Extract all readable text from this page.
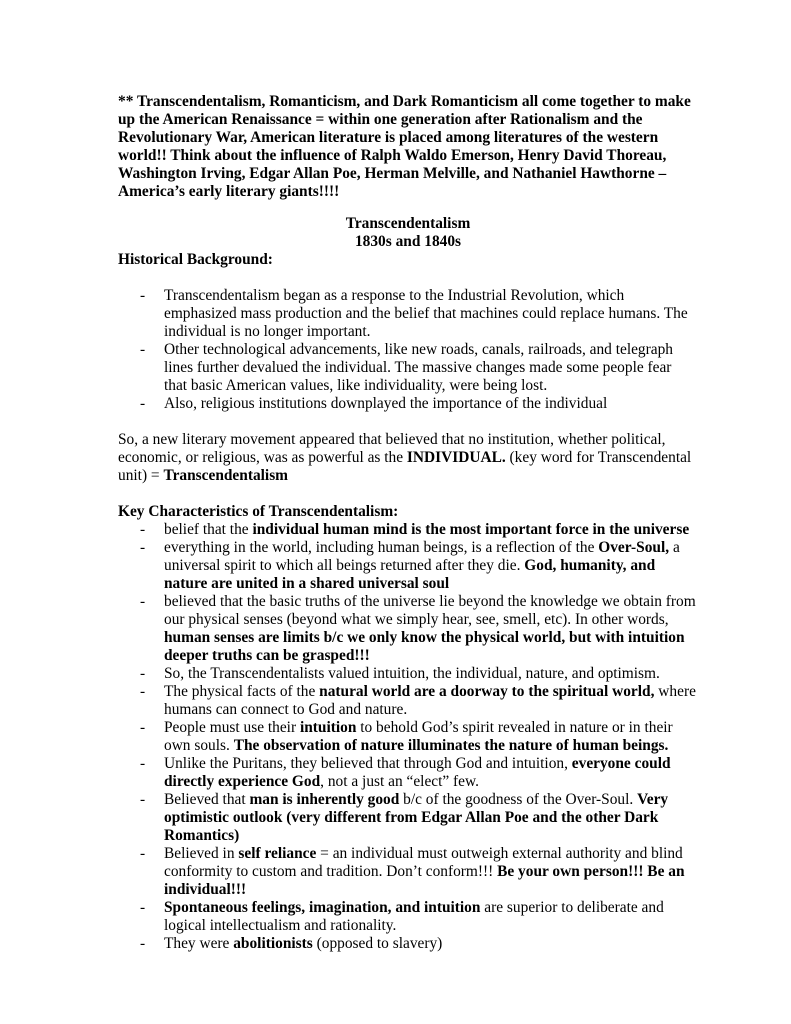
** Transcendentalism, Romanticism, and Dark Romanticism all come together to make up the American Renaissance = within one generation after Rationalism and the Revolutionary War, American literature is placed among literatures of the western world!! Think about the influence of Ralph Waldo Emerson, Henry David Thoreau, Washington Irving, Edgar Allan Poe, Herman Melville, and Nathaniel Hawthorne – America’s early literary giants!!!!

Transcendentalism
1830s and 1840s

Historical Background:

- Transcendentalism began as a response to the Industrial Revolution, which emphasized mass production and the belief that machines could replace humans. The individual is no longer important.
- Other technological advancements, like new roads, canals, railroads, and telegraph lines further devalued the individual. The massive changes made some people fear that basic American values, like individuality, were being lost.
- Also, religious institutions downplayed the importance of the individual

So, a new literary movement appeared that believed that no institution, whether political, economic, or religious, was as powerful as the INDIVIDUAL. (key word for Transcendental unit) = Transcendentalism

Key Characteristics of Transcendentalism:

- belief that the individual human mind is the most important force in the universe
- everything in the world, including human beings, is a reflection of the Over-Soul, a universal spirit to which all beings returned after they die. God, humanity, and nature are united in a shared universal soul
- believed that the basic truths of the universe lie beyond the knowledge we obtain from our physical senses (beyond what we simply hear, see, smell, etc). In other words, human senses are limits b/c we only know the physical world, but with intuition deeper truths can be grasped!!!
- So, the Transcendentalists valued intuition, the individual, nature, and optimism.
- The physical facts of the natural world are a doorway to the spiritual world, where humans can connect to God and nature.
- People must use their intuition to behold God’s spirit revealed in nature or in their own souls. The observation of nature illuminates the nature of human beings.
- Unlike the Puritans, they believed that through God and intuition, everyone could directly experience God, not a just an “elect” few.
- Believed that man is inherently good b/c of the goodness of the Over-Soul. Very optimistic outlook (very different from Edgar Allan Poe and the other Dark Romantics)
- Believed in self reliance = an individual must outweigh external authority and blind conformity to custom and tradition. Don’t conform!!! Be your own person!!! Be an individual!!!
- Spontaneous feelings, imagination, and intuition are superior to deliberate and logical intellectualism and rationality.
- They were abolitionists (opposed to slavery)
